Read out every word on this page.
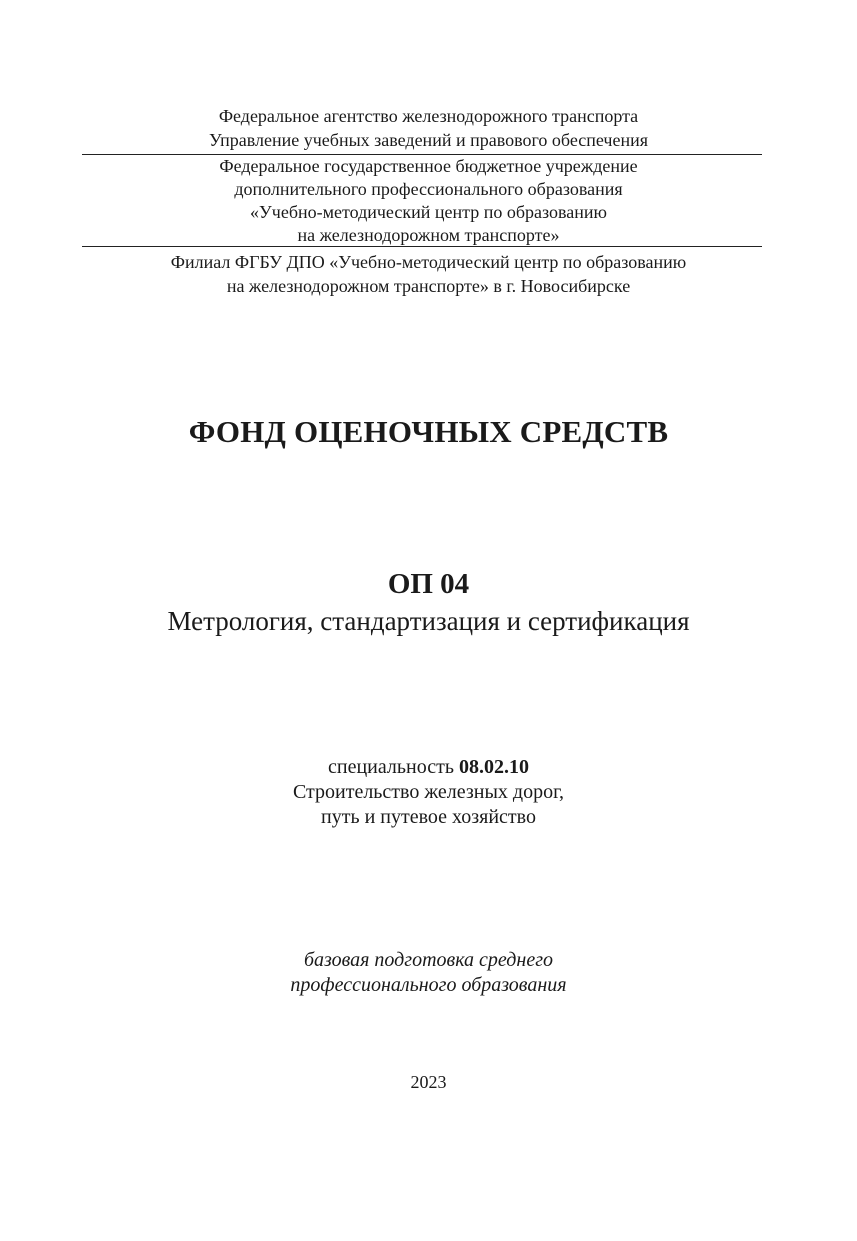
Федеральное агентство железнодорожного транспорта
Управление учебных заведений и правового обеспечения
Федеральное государственное бюджетное учреждение
дополнительного профессионального образования
«Учебно-методический центр по образованию
на железнодорожном транспорте»
Филиал ФГБУ ДПО «Учебно-методический центр по образованию
на железнодорожном транспорте» в г. Новосибирске
ФОНД ОЦЕНОЧНЫХ СРЕДСТВ
ОП 04
Метрология, стандартизация и сертификация
специальность 08.02.10
Строительство железных дорог,
путь и путевое хозяйство
базовая подготовка среднего
профессионального образования
2023
